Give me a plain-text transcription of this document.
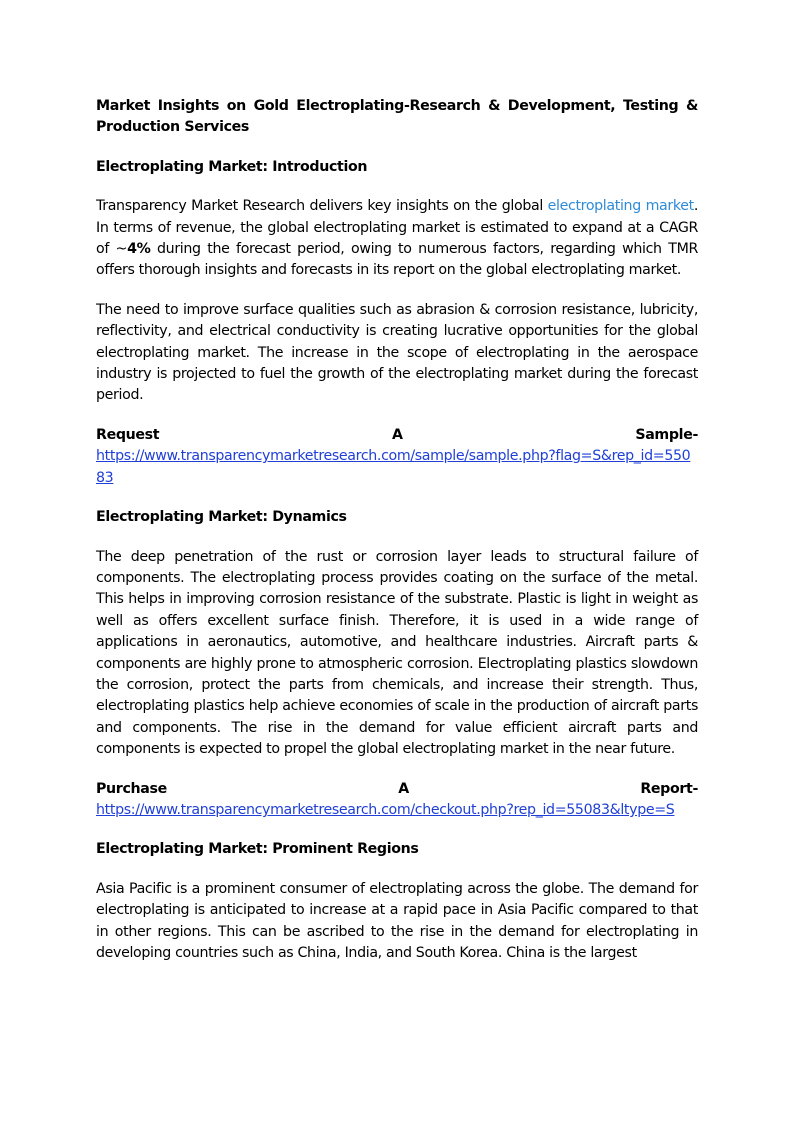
Market Insights on Gold Electroplating-Research & Development, Testing & Production Services
Electroplating Market: Introduction

Transparency Market Research delivers key insights on the global electroplating market. In terms of revenue, the global electroplating market is estimated to expand at a CAGR of ~4% during the forecast period, owing to numerous factors, regarding which TMR offers thorough insights and forecasts in its report on the global electroplating market.

The need to improve surface qualities such as abrasion & corrosion resistance, lubricity, reflectivity, and electrical conductivity is creating lucrative opportunities for the global electroplating market. The increase in the scope of electroplating in the aerospace industry is projected to fuel the growth of the electroplating market during the forecast period.

Request	A	Sample-
https://www.transparencymarketresearch.com/sample/sample.php?flag=S&rep_id=55083
Electroplating Market: Dynamics

The deep penetration of the rust or corrosion layer leads to structural failure of components. The electroplating process provides coating on the surface of the metal. This helps in improving corrosion resistance of the substrate. Plastic is light in weight as well as offers excellent surface finish. Therefore, it is used in a wide range of applications in aeronautics, automotive, and healthcare industries. Aircraft parts & components are highly prone to atmospheric corrosion. Electroplating plastics slowdown the corrosion, protect the parts from chemicals, and increase their strength. Thus, electroplating plastics help achieve economies of scale in the production of aircraft parts and components. The rise in the demand for value efficient aircraft parts and components is expected to propel the global electroplating market in the near future.

Purchase	A	Report-
https://www.transparencymarketresearch.com/checkout.php?rep_id=55083&ltype=S
Electroplating Market: Prominent Regions

Asia Pacific is a prominent consumer of electroplating across the globe. The demand for electroplating is anticipated to increase at a rapid pace in Asia Pacific compared to that in other regions. This can be ascribed to the rise in the demand for electroplating in developing countries such as China, India, and South Korea. China is the largest
